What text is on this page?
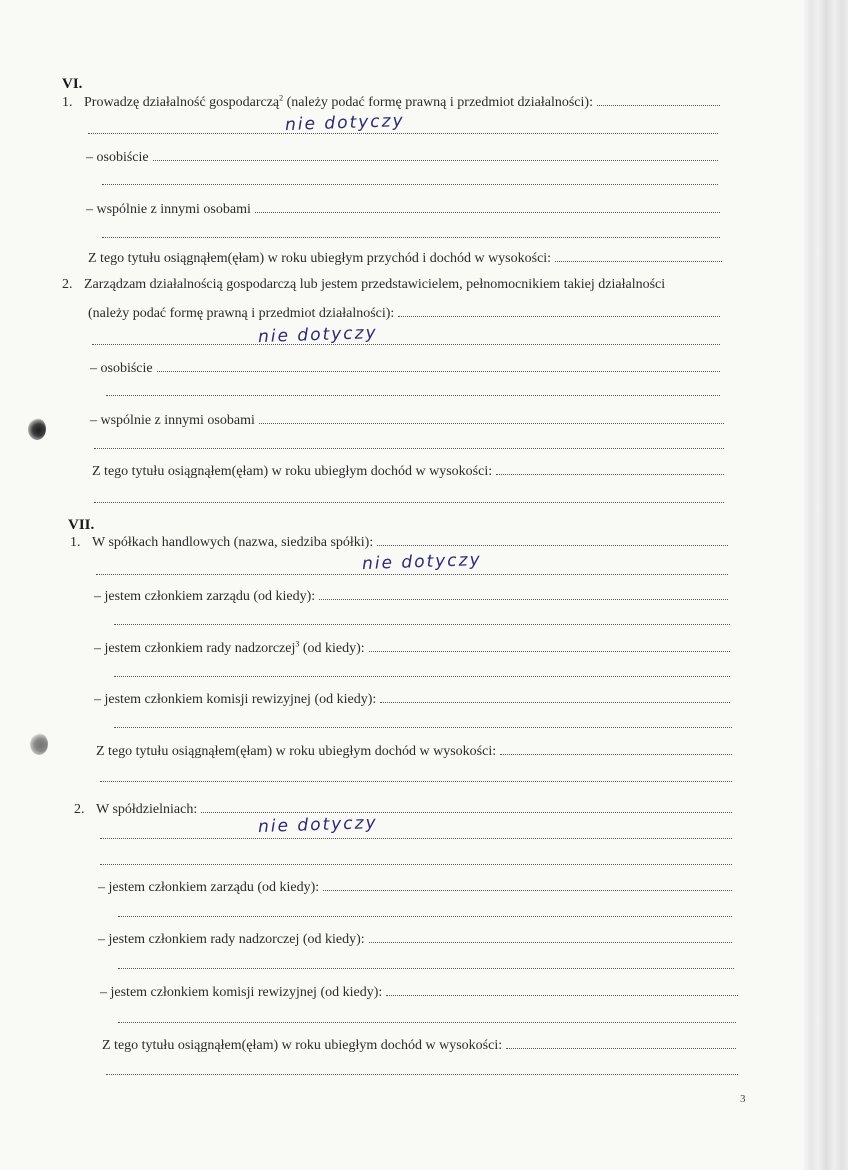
VI.
1. Prowadzę działalność gospodarczą$^2$ (należy podać formę prawną i przedmiot działalności):
nie dotyczy
– osobiście
– wspólnie z innymi osobami
Z tego tytułu osiągnąłem(ęłam) w roku ubiegłym przychód i dochód w wysokości:
2. Zarządzam działalnością gospodarczą lub jestem przedstawicielem, pełnomocnikiem takiej działalności
(należy podać formę prawną i przedmiot działalności):
nie dotyczy
– osobiście
– wspólnie z innymi osobami
Z tego tytułu osiągnąłem(ęłam) w roku ubiegłym dochód w wysokości:
VII.
1. W spółkach handlowych (nazwa, siedziba spółki):
nie dotyczy
– jestem członkiem zarządu (od kiedy):
– jestem członkiem rady nadzorczej$^3$ (od kiedy):
– jestem członkiem komisji rewizyjnej (od kiedy):
Z tego tytułu osiągnąłem(ęłam) w roku ubiegłym dochód w wysokości:
2. W spółdzielniach:
nie dotyczy
– jestem członkiem zarządu (od kiedy):
– jestem członkiem rady nadzorczej (od kiedy):
– jestem członkiem komisji rewizyjnej (od kiedy):
Z tego tytułu osiągnąłem(ęłam) w roku ubiegłym dochód w wysokości:
3
